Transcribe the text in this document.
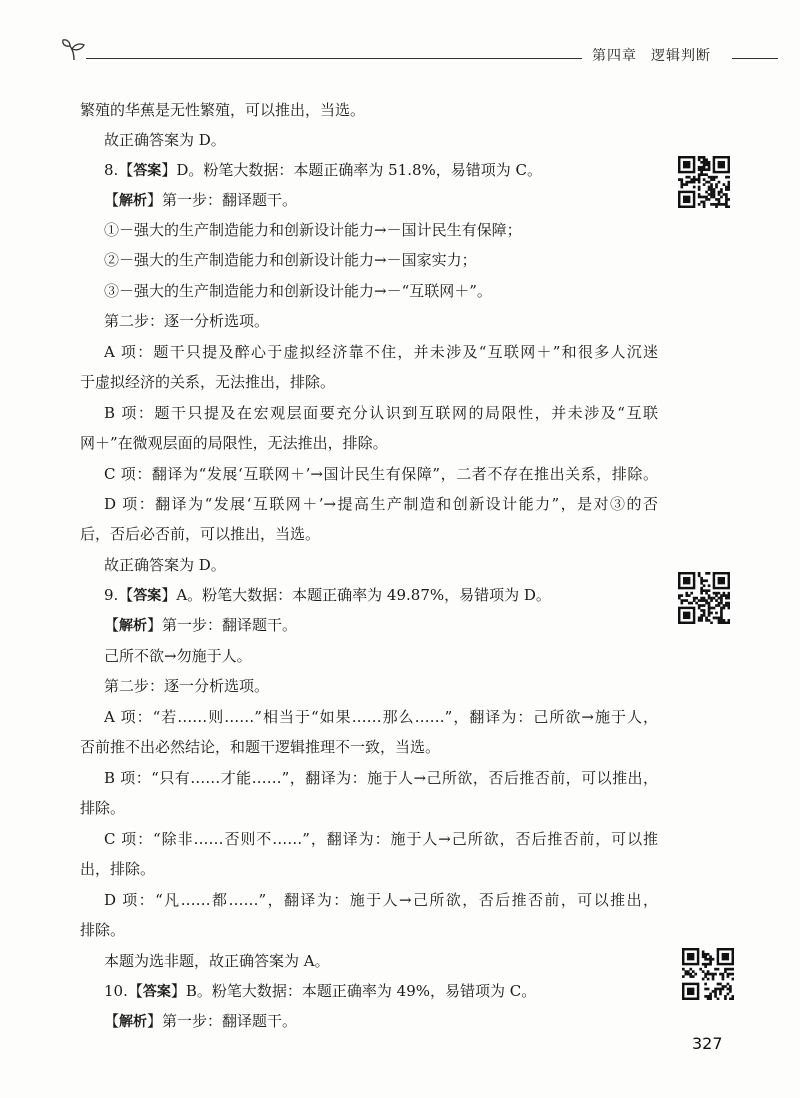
第四章 逻辑判断
繁殖的华蕉是无性繁殖，可以推出，当选。
故正确答案为 D。
8.【答案】D。粉笔大数据：本题正确率为 51.8%，易错项为 C。
【解析】第一步：翻译题干。
①－强大的生产制造能力和创新设计能力→－国计民生有保障；
②－强大的生产制造能力和创新设计能力→－国家实力；
③－强大的生产制造能力和创新设计能力→－“互联网＋”。
第二步：逐一分析选项。
A 项：题干只提及醉心于虚拟经济靠不住，并未涉及“互联网＋”和很多人沉迷
于虚拟经济的关系，无法推出，排除。
B 项：题干只提及在宏观层面要充分认识到互联网的局限性，并未涉及“互联
网＋”在微观层面的局限性，无法推出，排除。
C 项：翻译为“发展‘互联网＋’→国计民生有保障”，二者不存在推出关系，排除。
D 项：翻译为“发展‘互联网＋’→提高生产制造和创新设计能力”，是对③的否
后，否后必否前，可以推出，当选。
故正确答案为 D。
9.【答案】A。粉笔大数据：本题正确率为 49.87%，易错项为 D。
【解析】第一步：翻译题干。
己所不欲→勿施于人。
第二步：逐一分析选项。
A 项：“若……则……”相当于“如果……那么……”，翻译为：己所欲→施于人，
否前推不出必然结论，和题干逻辑推理不一致，当选。
B 项：“只有……才能……”，翻译为：施于人→己所欲，否后推否前，可以推出，
排除。
C 项：“除非……否则不……”，翻译为：施于人→己所欲，否后推否前，可以推
出，排除。
D 项：“凡……都……”，翻译为：施于人→己所欲，否后推否前，可以推出，
排除。
本题为选非题，故正确答案为 A。
10.【答案】B。粉笔大数据：本题正确率为 49%，易错项为 C。
【解析】第一步：翻译题干。
327
